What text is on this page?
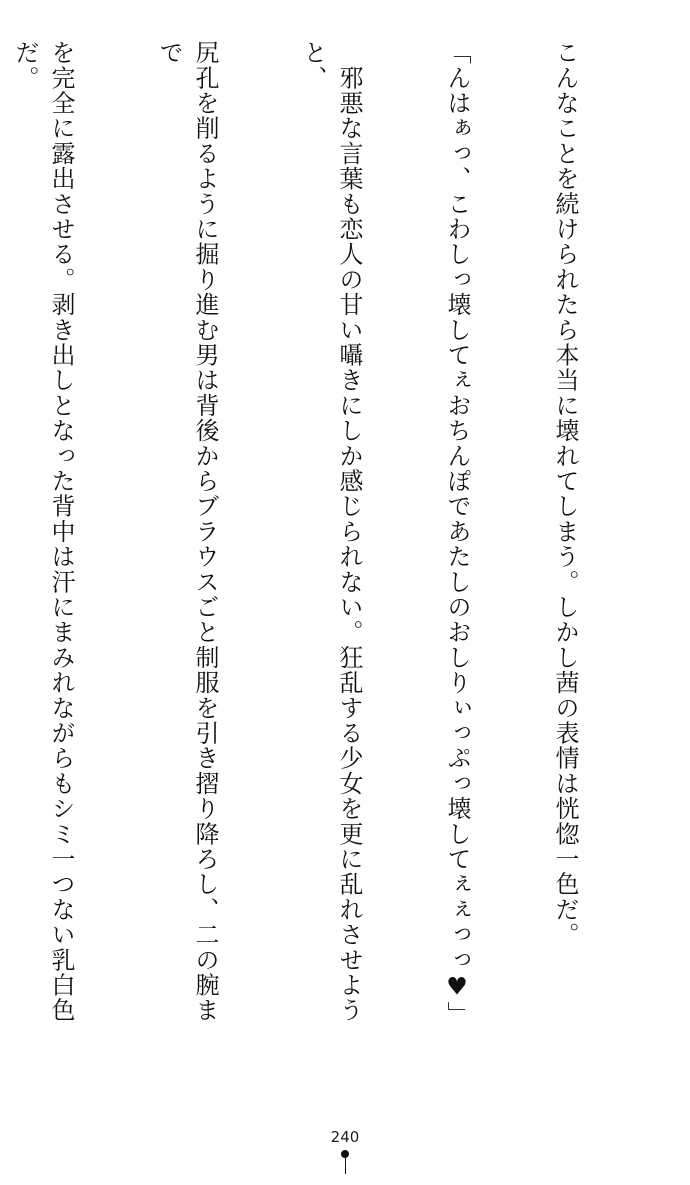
こんなことを続けられたら本当に壊れてしまう。しかし茜の表情は恍惚一色だ。

「んはぁっ、こわしっ壊してぇおちんぽであたしのおしりぃっぷっ壊してぇぇっっ♥」

　邪悪な言葉も恋人の甘い囁きにしか感じられない。狂乱する少女を更に乱れさせようと、

尻孔を削るように掘り進む男は背後からブラウスごと制服を引き摺り降ろし、二の腕まで

を完全に露出させる。剥き出しとなった背中は汗にまみれながらもシミ一つない乳白色だ。

240
